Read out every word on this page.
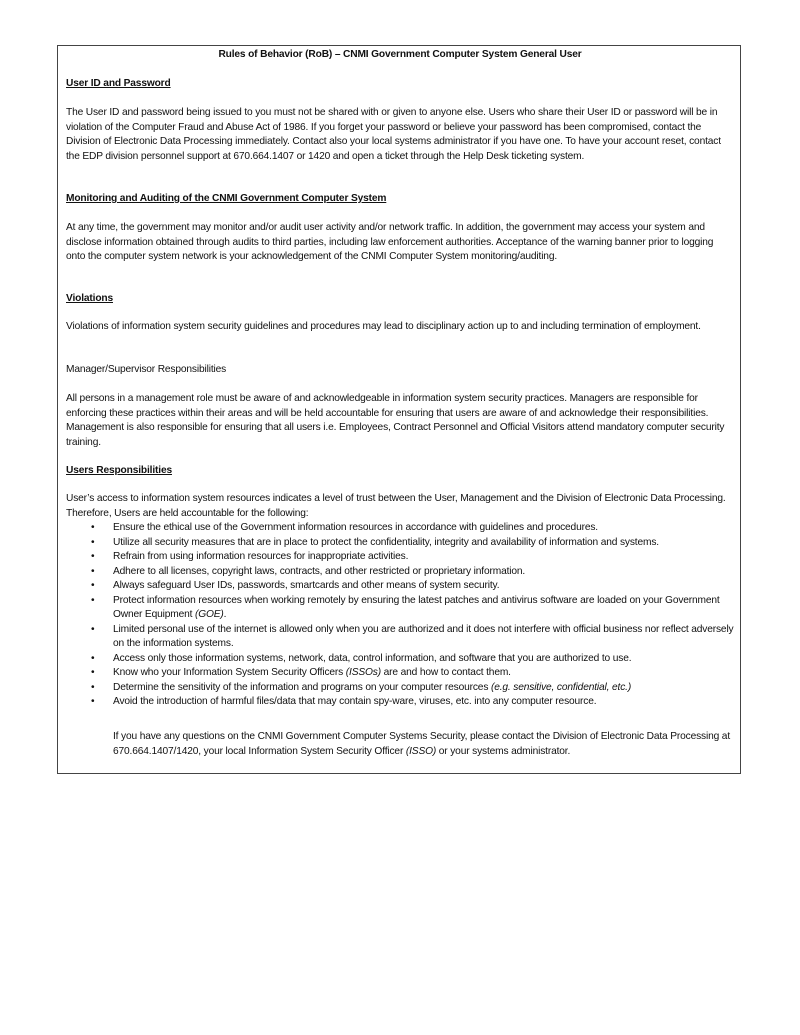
Rules of Behavior (RoB) – CNMI Government Computer System General User
User ID and Password
The User ID and password being issued to you must not be shared with or given to anyone else. Users who share their User ID or password will be in violation of the Computer Fraud and Abuse Act of 1986. If you forget your password or believe your password has been compromised, contact the Division of Electronic Data Processing immediately. Contact also your local systems administrator if you have one. To have your account reset, contact the EDP division personnel support at 670.664.1407 or 1420 and open a ticket through the Help Desk ticketing system.
Monitoring and Auditing of the CNMI Government Computer System
At any time, the government may monitor and/or audit user activity and/or network traffic. In addition, the government may access your system and disclose information obtained through audits to third parties, including law enforcement authorities. Acceptance of the warning banner prior to logging onto the computer system network is your acknowledgement of the CNMI Computer System monitoring/auditing.
Violations
Violations of information system security guidelines and procedures may lead to disciplinary action up to and including termination of employment.
Manager/Supervisor Responsibilities
All persons in a management role must be aware of and acknowledgeable in information system security practices. Managers are responsible for enforcing these practices within their areas and will be held accountable for ensuring that users are aware of and acknowledge their responsibilities. Management is also responsible for ensuring that all users i.e. Employees, Contract Personnel and Official Visitors attend mandatory computer security training.
Users Responsibilities
User’s access to information system resources indicates a level of trust between the User, Management and the Division of Electronic Data Processing. Therefore, Users are held accountable for the following:
• Ensure the ethical use of the Government information resources in accordance with guidelines and procedures.
• Utilize all security measures that are in place to protect the confidentiality, integrity and availability of information and systems.
• Refrain from using information resources for inappropriate activities.
• Adhere to all licenses, copyright laws, contracts, and other restricted or proprietary information.
• Always safeguard User IDs, passwords, smartcards and other means of system security.
• Protect information resources when working remotely by ensuring the latest patches and antivirus software are loaded on your Government Owner Equipment (GOE).
• Limited personal use of the internet is allowed only when you are authorized and it does not interfere with official business nor reflect adversely on the information systems.
• Access only those information systems, network, data, control information, and software that you are authorized to use.
• Know who your Information System Security Officers (ISSOs) are and how to contact them.
• Determine the sensitivity of the information and programs on your computer resources (e.g. sensitive, confidential, etc.)
• Avoid the introduction of harmful files/data that may contain spy-ware, viruses, etc. into any computer resource.
If you have any questions on the CNMI Government Computer Systems Security, please contact the Division of Electronic Data Processing at 670.664.1407/1420, your local Information System Security Officer (ISSO) or your systems administrator.
